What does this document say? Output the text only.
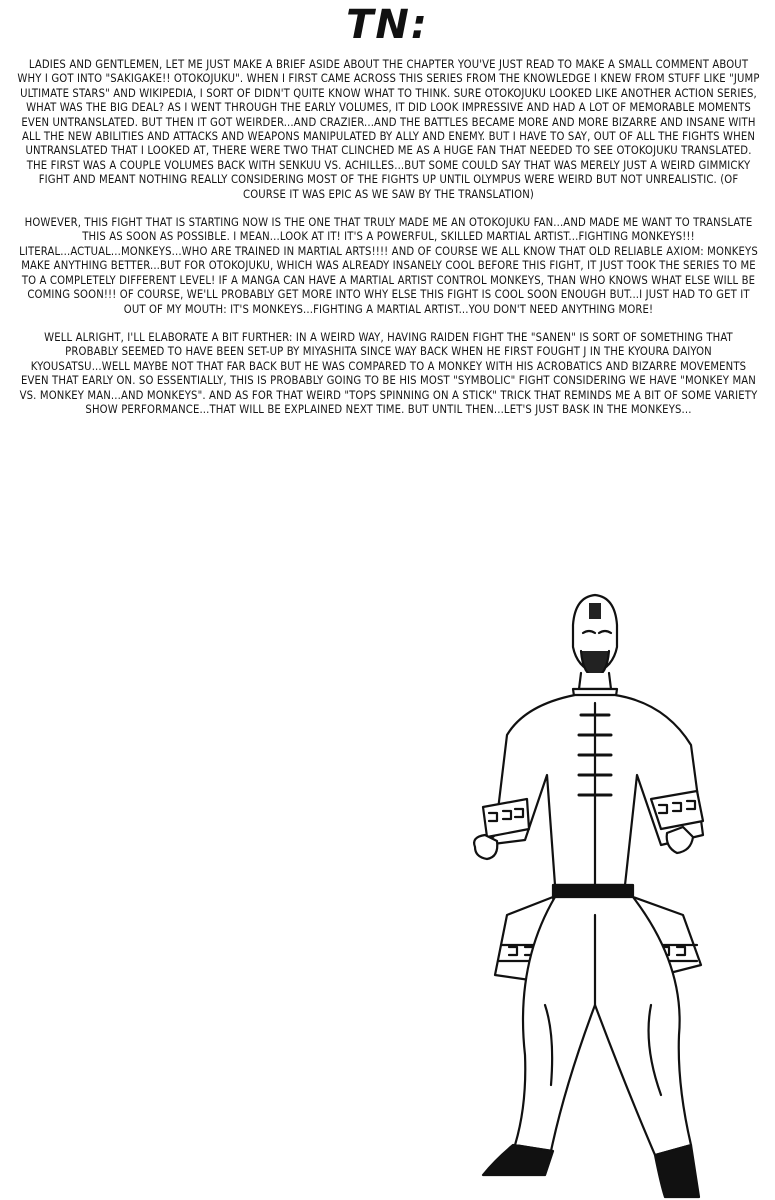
TN:

LADIES AND GENTLEMEN, LET ME JUST MAKE A BRIEF ASIDE ABOUT THE CHAPTER YOU'VE JUST READ TO MAKE A SMALL COMMENT ABOUT WHY I GOT INTO "SAKIGAKE!! OTOKOJUKU". WHEN I FIRST CAME ACROSS THIS SERIES FROM THE KNOWLEDGE I KNEW FROM STUFF LIKE "JUMP ULTIMATE STARS" AND WIKIPEDIA, I SORT OF DIDN'T QUITE KNOW WHAT TO THINK. SURE OTOKOJUKU LOOKED LIKE ANOTHER ACTION SERIES, WHAT WAS THE BIG DEAL? AS I WENT THROUGH THE EARLY VOLUMES, IT DID LOOK IMPRESSIVE AND HAD A LOT OF MEMORABLE MOMENTS EVEN UNTRANSLATED. BUT THEN IT GOT WEIRDER...AND CRAZIER...AND THE BATTLES BECAME MORE AND MORE BIZARRE AND INSANE WITH ALL THE NEW ABILITIES AND ATTACKS AND WEAPONS MANIPULATED BY ALLY AND ENEMY. BUT I HAVE TO SAY, OUT OF ALL THE FIGHTS WHEN UNTRANSLATED THAT I LOOKED AT, THERE WERE TWO THAT CLINCHED ME AS A HUGE FAN THAT NEEDED TO SEE OTOKOJUKU TRANSLATED. THE FIRST WAS A COUPLE VOLUMES BACK WITH SENKUU VS. ACHILLES...BUT SOME COULD SAY THAT WAS MERELY JUST A WEIRD GIMMICKY FIGHT AND MEANT NOTHING REALLY CONSIDERING MOST OF THE FIGHTS UP UNTIL OLYMPUS WERE WEIRD BUT NOT UNREALISTIC. (OF COURSE IT WAS EPIC AS WE SAW BY THE TRANSLATION)

HOWEVER, THIS FIGHT THAT IS STARTING NOW IS THE ONE THAT TRULY MADE ME AN OTOKOJUKU FAN...AND MADE ME WANT TO TRANSLATE THIS AS SOON AS POSSIBLE. I MEAN...LOOK AT IT! IT'S A POWERFUL, SKILLED MARTIAL ARTIST...FIGHTING MONKEYS!!! LITERAL...ACTUAL...MONKEYS...WHO ARE TRAINED IN MARTIAL ARTS!!!! AND OF COURSE WE ALL KNOW THAT OLD RELIABLE AXIOM: MONKEYS MAKE ANYTHING BETTER...BUT FOR OTOKOJUKU, WHICH WAS ALREADY INSANELY COOL BEFORE THIS FIGHT, IT JUST TOOK THE SERIES TO ME TO A COMPLETELY DIFFERENT LEVEL! IF A MANGA CAN HAVE A MARTIAL ARTIST CONTROL MONKEYS, THAN WHO KNOWS WHAT ELSE WILL BE COMING SOON!!! OF COURSE, WE'LL PROBABLY GET MORE INTO WHY ELSE THIS FIGHT IS COOL SOON ENOUGH BUT...I JUST HAD TO GET IT OUT OF MY MOUTH: IT'S MONKEYS...FIGHTING A MARTIAL ARTIST...YOU DON'T NEED ANYTHING MORE!

WELL ALRIGHT, I'LL ELABORATE A BIT FURTHER: IN A WEIRD WAY, HAVING RAIDEN FIGHT THE "SANEN" IS SORT OF SOMETHING THAT PROBABLY SEEMED TO HAVE BEEN SET-UP BY MIYASHITA SINCE WAY BACK WHEN HE FIRST FOUGHT J IN THE KYOURA DAIYON KYOUSATSU...WELL MAYBE NOT THAT FAR BACK BUT HE WAS COMPARED TO A MONKEY WITH HIS ACROBATICS AND BIZARRE MOVEMENTS EVEN THAT EARLY ON. SO ESSENTIALLY, THIS IS PROBABLY GOING TO BE HIS MOST "SYMBOLIC" FIGHT CONSIDERING WE HAVE "MONKEY MAN VS. MONKEY MAN...AND MONKEYS". AND AS FOR THAT WEIRD "TOPS SPINNING ON A STICK" TRICK THAT REMINDS ME A BIT OF SOME VARIETY SHOW PERFORMANCE...THAT WILL BE EXPLAINED NEXT TIME. BUT UNTIL THEN...LET'S JUST BASK IN THE MONKEYS...
